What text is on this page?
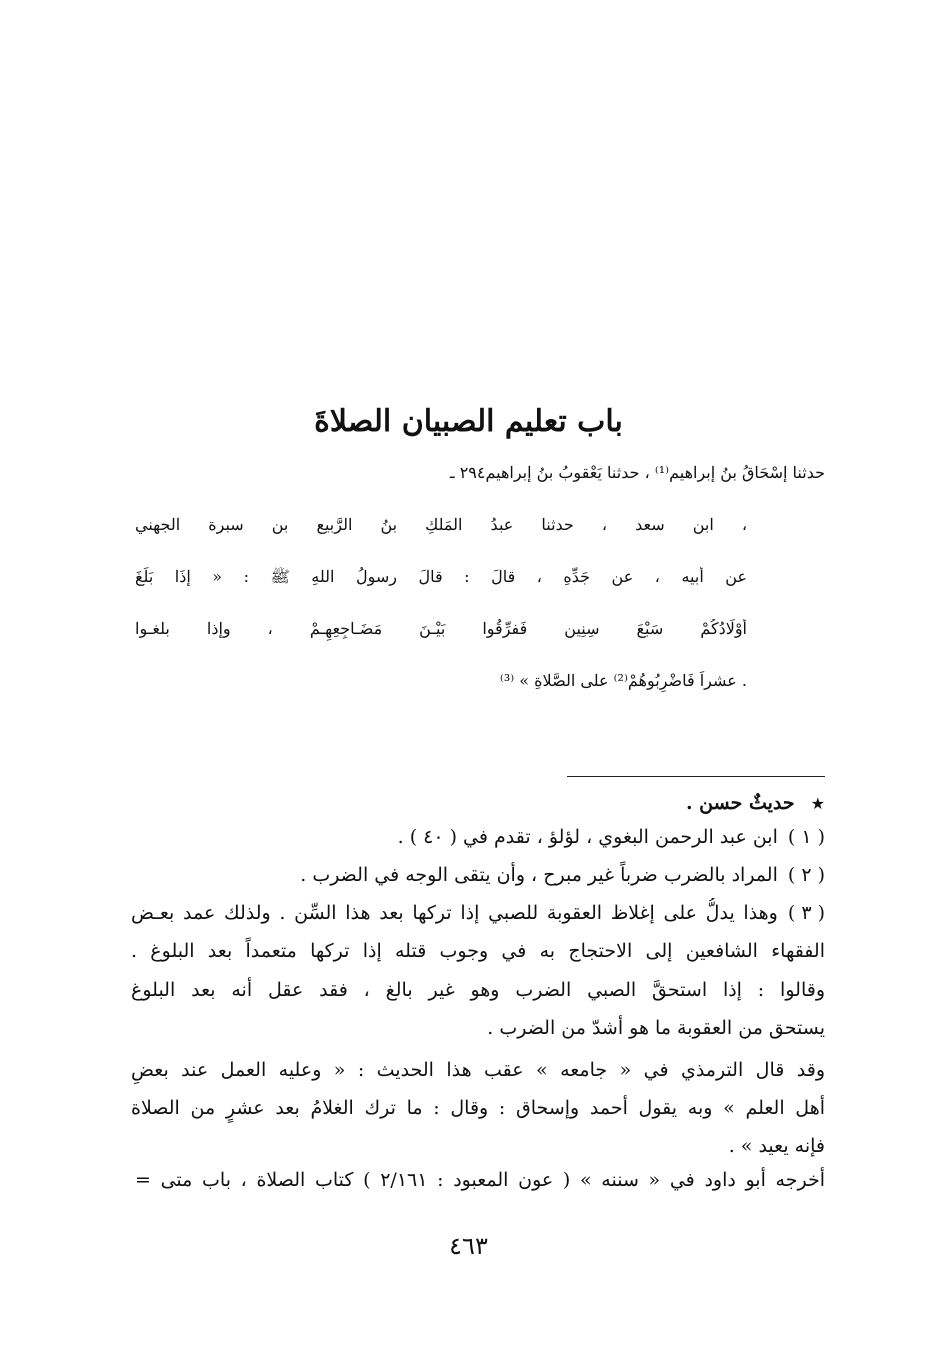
باب تعليم الصبيان الصلاةَ
٢٩٤ ـحدثنا إسْحَاقُ بنُ إبراهيم⁽¹⁾ ، حدثنا يَعْقوبُ بنُ إبراهيم
ابن سعد ، حدثنا عبدُ المَلكِ بنُ الرَّبيع بن سبرة الجهني ،
عن أبيه ، عن جَدِّهِ ، قالَ : قالَ رسولُ اللهِ ﷺ : « إذَا بَلَغَ
أَوْلَادُكُمْ سَبْعَ سِنِين فَفرِّقُوا بَيْـنَ مَضَـاجِعِهِـمْ ، وإذا بلغـوا
عشراً فَاضْرِبُوهُمْ⁽²⁾ على الصَّلاةِ » ⁽³⁾ .
★ حديثٌ حسن .
( ١ )ابن عبد الرحمن البغوي ، لؤلؤ ، تقدم في ( ٤٠ ) .
( ٢ )المراد بالضرب ضرباً غير مبرح ، وأن يتقى الوجه في الضرب .
( ٣ )وهذا يدلُّ على إغلاظ العقوبة للصبي إذا تركها بعد هذا السِّن . ولذلك عمد بعـض
الفقهاء الشافعين إلى الاحتجاج به في وجوب قتله إذا تركها متعمداً بعد البلوغ .
وقالوا : إذا استحقَّ الصبي الضرب وهو غير بالغ ، فقد عقل أنه بعد البلوغ
يستحق من العقوبة ما هو أشدّ من الضرب .
وقد قال الترمذي في « جامعه » عقب هذا الحديث : « وعليه العمل عند بعضِ
أهل العلم » وبه يقول أحمد وإسحاق : وقال : ما ترك الغلامُ بعد عشرٍ من الصلاة
فإنه يعيد » .
أخرجه أبو داود في « سننه » ( عون المعبود : ٢/١٦١ ) كتاب الصلاة ، باب متى =
٤٦٣
